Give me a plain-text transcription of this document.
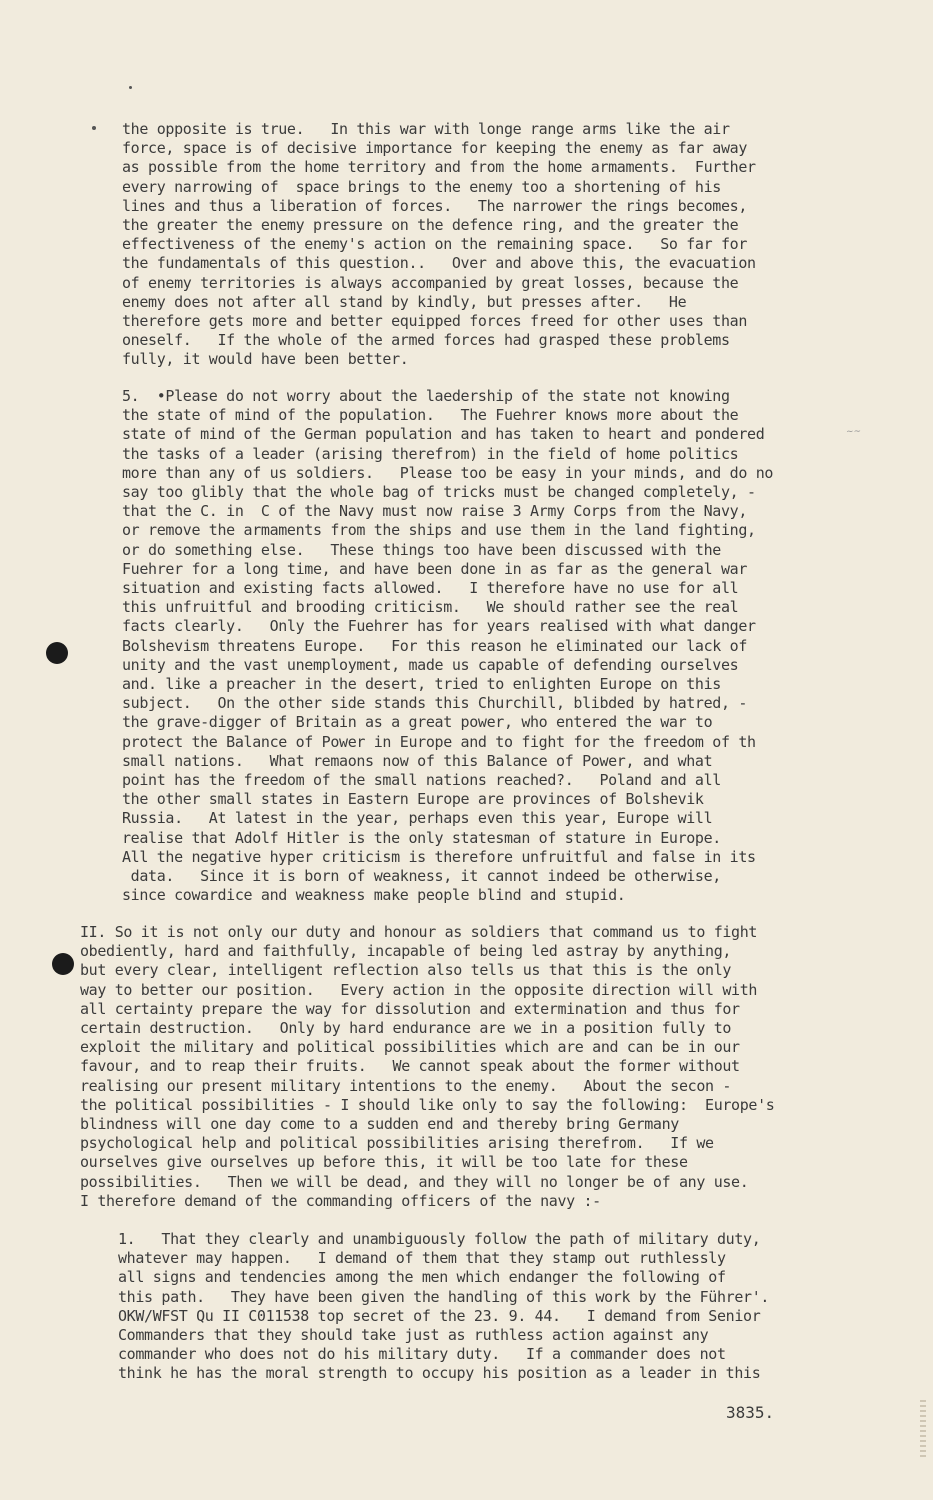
the opposite is true.   In this war with longe range arms like the air
force, space is of decisive importance for keeping the enemy as far away
as possible from the home territory and from the home armaments.  Further
every narrowing of  space brings to the enemy too a shortening of his
lines and thus a liberation of forces.   The narrower the rings becomes,
the greater the enemy pressure on the defence ring, and the greater the
effectiveness of the enemy's action on the remaining space.   So far for
the fundamentals of this question..   Over and above this, the evacuation
of enemy territories is always accompanied by great losses, because the
enemy does not after all stand by kindly, but presses after.   He
therefore gets more and better equipped forces freed for other uses than
oneself.   If the whole of the armed forces had grasped these problems
fully, it would have been better.
5.  •Please do not worry about the laedership of the state not knowing
the state of mind of the population.   The Fuehrer knows more about the
state of mind of the German population and has taken to heart and pondered
the tasks of a leader (arising therefrom) in the field of home politics
more than any of us soldiers.   Please too be easy in your minds, and do no
say too glibly that the whole bag of tricks must be changed completely, -
that the C. in  C of the Navy must now raise 3 Army Corps from the Navy,
or remove the armaments from the ships and use them in the land fighting,
or do something else.   These things too have been discussed with the
Fuehrer for a long time, and have been done in as far as the general war
situation and existing facts allowed.   I therefore have no use for all
this unfruitful and brooding criticism.   We should rather see the real
facts clearly.   Only the Fuehrer has for years realised with what danger
Bolshevism threatens Europe.   For this reason he eliminated our lack of
unity and the vast unemployment, made us capable of defending ourselves
and. like a preacher in the desert, tried to enlighten Europe on this
subject.   On the other side stands this Churchill, blibded by hatred, -
the grave-digger of Britain as a great power, who entered the war to
protect the Balance of Power in Europe and to fight for the freedom of th
small nations.   What remaons now of this Balance of Power, and what
point has the freedom of the small nations reached?.   Poland and all
the other small states in Eastern Europe are provinces of Bolshevik
Russia.   At latest in the year, perhaps even this year, Europe will
realise that Adolf Hitler is the only statesman of stature in Europe.
All the negative hyper criticism is therefore unfruitful and false in its
data.   Since it is born of weakness, it cannot indeed be otherwise,
since cowardice and weakness make people blind and stupid.
II. So it is not only our duty and honour as soldiers that command us to fight
obediently, hard and faithfully, incapable of being led astray by anything,
but every clear, intelligent reflection also tells us that this is the only
way to better our position.   Every action in the opposite direction will with
all certainty prepare the way for dissolution and extermination and thus for
certain destruction.   Only by hard endurance are we in a position fully to
exploit the military and political possibilities which are and can be in our
favour, and to reap their fruits.   We cannot speak about the former without
realising our present military intentions to the enemy.   About the secon -
the political possibilities - I should like only to say the following:  Europe's
blindness will one day come to a sudden end and thereby bring Germany
psychological help and political possibilities arising therefrom.   If we
ourselves give ourselves up before this, it will be too late for these
possibilities.   Then we will be dead, and they will no longer be of any use.
I therefore demand of the commanding officers of the navy :-
1.   That they clearly and unambiguously follow the path of military duty,
whatever may happen.   I demand of them that they stamp out ruthlessly
all signs and tendencies among the men which endanger the following of
this path.   They have been given the handling of this work by the Führer'.
OKW/WFST Qu II C011538 top secret of the 23. 9. 44.   I demand from Senior
Commanders that they should take just as ruthless action against any
commander who does not do his military duty.   If a commander does not
think he has the moral strength to occupy his position as a leader in this
~~
3835.
